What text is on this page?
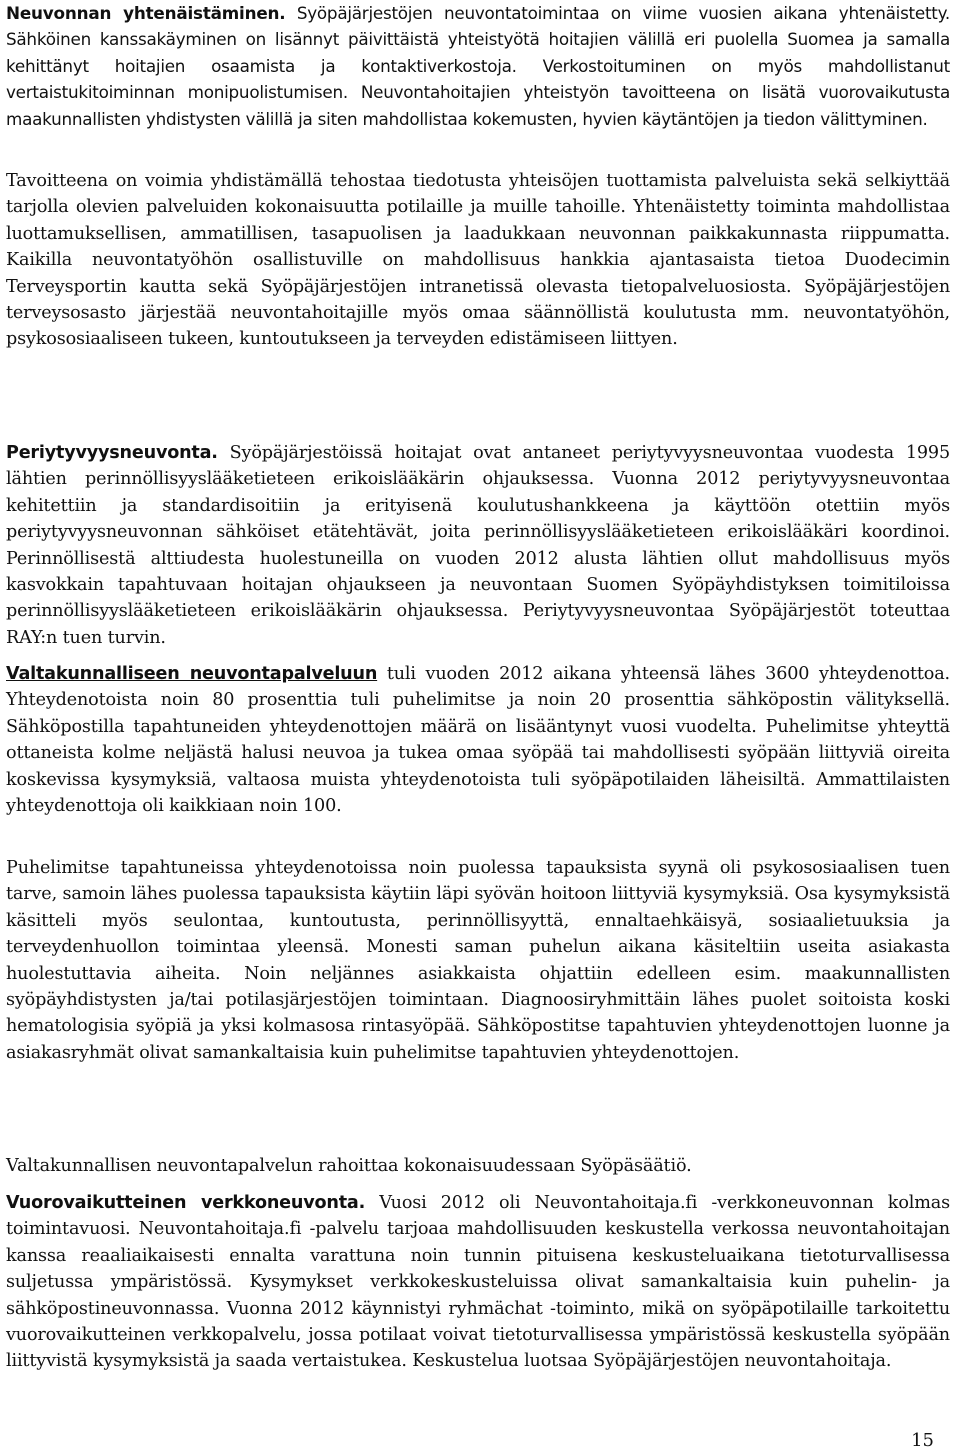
Neuvonnan yhtenäistäminen. Syöpäjärjestöjen neuvontatoimintaa on viime vuosien aikana yhtenäistetty. Sähköinen kanssakäyminen on lisännyt päivittäistä yhteistyötä hoitajien välillä eri puolella Suomea ja samalla kehittänyt hoitajien osaamista ja kontaktiverkostoja. Verkostoituminen on myös mahdollistanut vertaistukitoiminnan monipuolistumisen. Neuvontahoitajien yhteistyön tavoitteena on lisätä vuorovaikutusta maakunnallisten yhdistysten välillä ja siten mahdollistaa kokemusten, hyvien käytäntöjen ja tiedon välittyminen.

Tavoitteena on voimia yhdistämällä tehostaa tiedotusta yhteisöjen tuottamista palveluista sekä selkiyttää tarjolla olevien palveluiden kokonaisuutta potilaille ja muille tahoille. Yhtenäistetty toiminta mahdollistaa luottamuksellisen, ammatillisen, tasapuolisen ja laadukkaan neuvonnan paikkakunnasta riippumatta. Kaikilla neuvontatyöhön osallistuville on mahdollisuus hankkia ajantasaista tietoa Duodecimin Terveysportin kautta sekä Syöpäjärjestöjen intranetissä olevasta tietopalveluosiosta. Syöpäjärjestöjen terveysosasto järjestää neuvontahoitajille myös omaa säännöllistä koulutusta mm. neuvontatyöhön, psykososiaaliseen tukeen, kuntoutukseen ja terveyden edistämiseen liittyen.

Periytyvyysneuvonta. Syöpäjärjestöissä hoitajat ovat antaneet periytyvyysneuvontaa vuodesta 1995 lähtien perinnöllisyyslääketieteen erikoislääkärin ohjauksessa. Vuonna 2012 periytyvyysneuvontaa kehitettiin ja standardisoitiin ja erityisenä koulutushankkeena ja käyttöön otettiin myös periytyvyysneuvonnan sähköiset etätehtävät, joita perinnöllisyyslääketieteen erikoislääkäri koordinoi. Perinnöllisestä alttiudesta huolestuneilla on vuoden 2012 alusta lähtien ollut mahdollisuus myös kasvokkain tapahtuvaan hoitajan ohjaukseen ja neuvontaan Suomen Syöpäyhdistyksen toimitiloissa perinnöllisyyslääketieteen erikoislääkärin ohjauksessa. Periytyvyysneuvontaa Syöpäjärjestöt toteuttaa RAY:n tuen turvin.

Valtakunnalliseen neuvontapalveluun tuli vuoden 2012 aikana yhteensä lähes 3600 yhteydenottoa. Yhteydenotoista noin 80 prosenttia tuli puhelimitse ja noin 20 prosenttia sähköpostin välityksellä. Sähköpostilla tapahtuneiden yhteydenottojen määrä on lisääntynyt vuosi vuodelta. Puhelimitse yhteyttä ottaneista kolme neljästä halusi neuvoa ja tukea omaa syöpää tai mahdollisesti syöpään liittyviä oireita koskevissa kysymyksiä, valtaosa muista yhteydenotoista tuli syöpäpotilaiden läheisiltä. Ammattilaisten yhteydenottoja oli kaikkiaan noin 100.

Puhelimitse tapahtuneissa yhteydenotoissa noin puolessa tapauksista syynä oli psykososiaalisen tuen tarve, samoin lähes puolessa tapauksista käytiin läpi syövän hoitoon liittyviä kysymyksiä. Osa kysymyksistä käsitteli myös seulontaa, kuntoutusta, perinnöllisyyttä, ennaltaehkäisyä, sosiaalietuuksia ja terveydenhuollon toimintaa yleensä. Monesti saman puhelun aikana käsiteltiin useita asiakasta huolestuttavia aiheita. Noin neljännes asiakkaista ohjattiin edelleen esim. maakunnallisten syöpäyhdistysten ja/tai potilasjärjestöjen toimintaan. Diagnoosiryhmittäin lähes puolet soitoista koski hematologisia syöpiä ja yksi kolmasosa rintasyöpää. Sähköpostitse tapahtuvien yhteydenottojen luonne ja asiakasryhmät olivat samankaltaisia kuin puhelimitse tapahtuvien yhteydenottojen.

Valtakunnallisen neuvontapalvelun rahoittaa kokonaisuudessaan Syöpäsäätiö.

Vuorovaikutteinen verkkoneuvonta. Vuosi 2012 oli Neuvontahoitaja.fi -verkkoneuvonnan kolmas toimintavuosi. Neuvontahoitaja.fi -palvelu tarjoaa mahdollisuuden keskustella verkossa neuvontahoitajan kanssa reaaliaikaisesti ennalta varattuna noin tunnin pituisena keskusteluaikana tietoturvallisessa suljetussa ympäristössä. Kysymykset verkkokeskusteluissa olivat samankaltaisia kuin puhelin- ja sähköpostineuvonnassa. Vuonna 2012 käynnistyi ryhmächat -toiminto, mikä on syöpäpotilaille tarkoitettu vuorovaikutteinen verkkopalvelu, jossa potilaat voivat tietoturvallisessa ympäristössä keskustella syöpään liittyvistä kysymyksistä ja saada vertaistukea. Keskustelua luotsaa Syöpäjärjestöjen neuvontahoitaja.

15
